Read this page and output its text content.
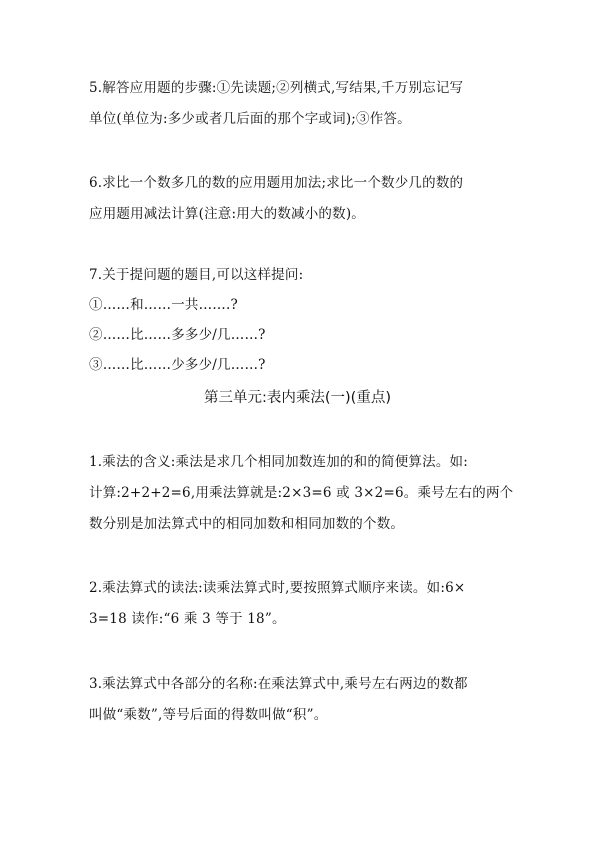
5.解答应用题的步骤:①先读题;②列横式,写结果,千万别忘记写
单位(单位为:多少或者几后面的那个字或词);③作答。
6.求比一个数多几的数的应用题用加法;求比一个数少几的数的
应用题用减法计算(注意:用大的数减小的数)。
7.关于提问题的题目,可以这样提问:
①……和……一共…….?
②……比……多多少/几……?
③……比……少多少/几……?
第三单元:表内乘法(一)(重点)
1.乘法的含义:乘法是求几个相同加数连加的和的简便算法。如:
计算:2+2+2=6,用乘法算就是:2×3=6 或 3×2=6。乘号左右的两个
数分别是加法算式中的相同加数和相同加数的个数。
2.乘法算式的读法:读乘法算式时,要按照算式顺序来读。如:6×
3=18 读作:“6 乘 3 等于 18”。
3.乘法算式中各部分的名称:在乘法算式中,乘号左右两边的数都
叫做“乘数”,等号后面的得数叫做“积”。
